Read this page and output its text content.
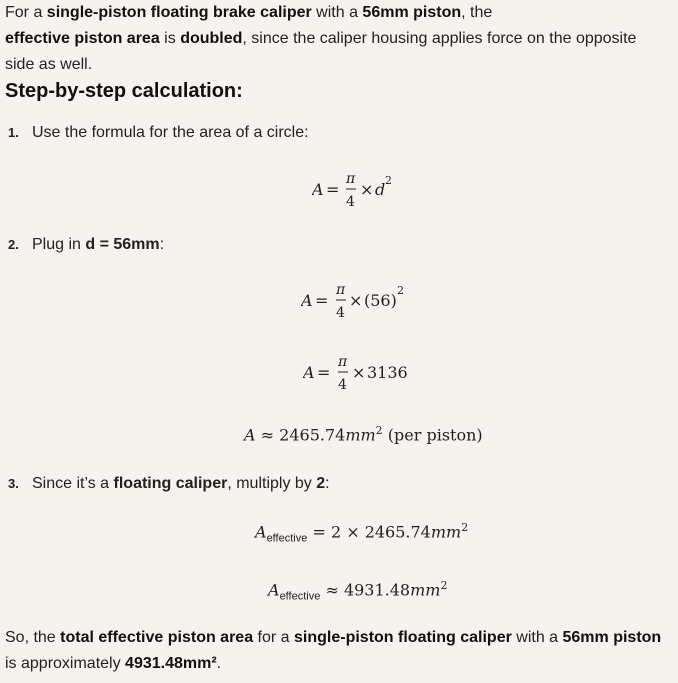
For a single-piston floating brake caliper with a 56mm piston, the
effective piston area is doubled, since the caliper housing applies force on the opposite side as well.

Step-by-step calculation:
1. Use the formula for the area of a circle:
A =
π
4
× d 2
2. Plug in d = 56mm:
A =
π
4
× (56)
2
A =
π
4
× 3136
$A \approx 2465.74mm^2$ (per piston)
3. Since it’s a floating caliper, multiply by 2:
$A_{effective} = 2 \times 2465.74mm^2$
$A_{effective} \approx 4931.48mm^2$

So, the total effective piston area for a single-piston floating caliper with a 56mm piston
is approximately 4931.48mm².
